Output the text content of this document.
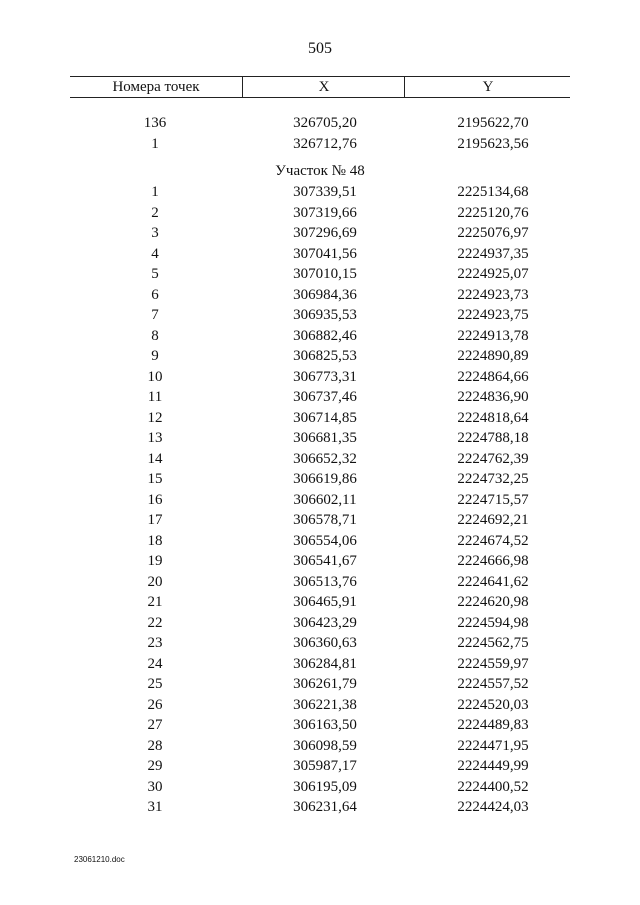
505
Номера точек	X	Y
136	326705,20	2195622,70
1	326712,76	2195623,56
Участок № 48
1	307339,51	2225134,68
2	307319,66	2225120,76
3	307296,69	2225076,97
4	307041,56	2224937,35
5	307010,15	2224925,07
6	306984,36	2224923,73
7	306935,53	2224923,75
8	306882,46	2224913,78
9	306825,53	2224890,89
10	306773,31	2224864,66
11	306737,46	2224836,90
12	306714,85	2224818,64
13	306681,35	2224788,18
14	306652,32	2224762,39
15	306619,86	2224732,25
16	306602,11	2224715,57
17	306578,71	2224692,21
18	306554,06	2224674,52
19	306541,67	2224666,98
20	306513,76	2224641,62
21	306465,91	2224620,98
22	306423,29	2224594,98
23	306360,63	2224562,75
24	306284,81	2224559,97
25	306261,79	2224557,52
26	306221,38	2224520,03
27	306163,50	2224489,83
28	306098,59	2224471,95
29	305987,17	2224449,99
30	306195,09	2224400,52
31	306231,64	2224424,03
23061210.doc
